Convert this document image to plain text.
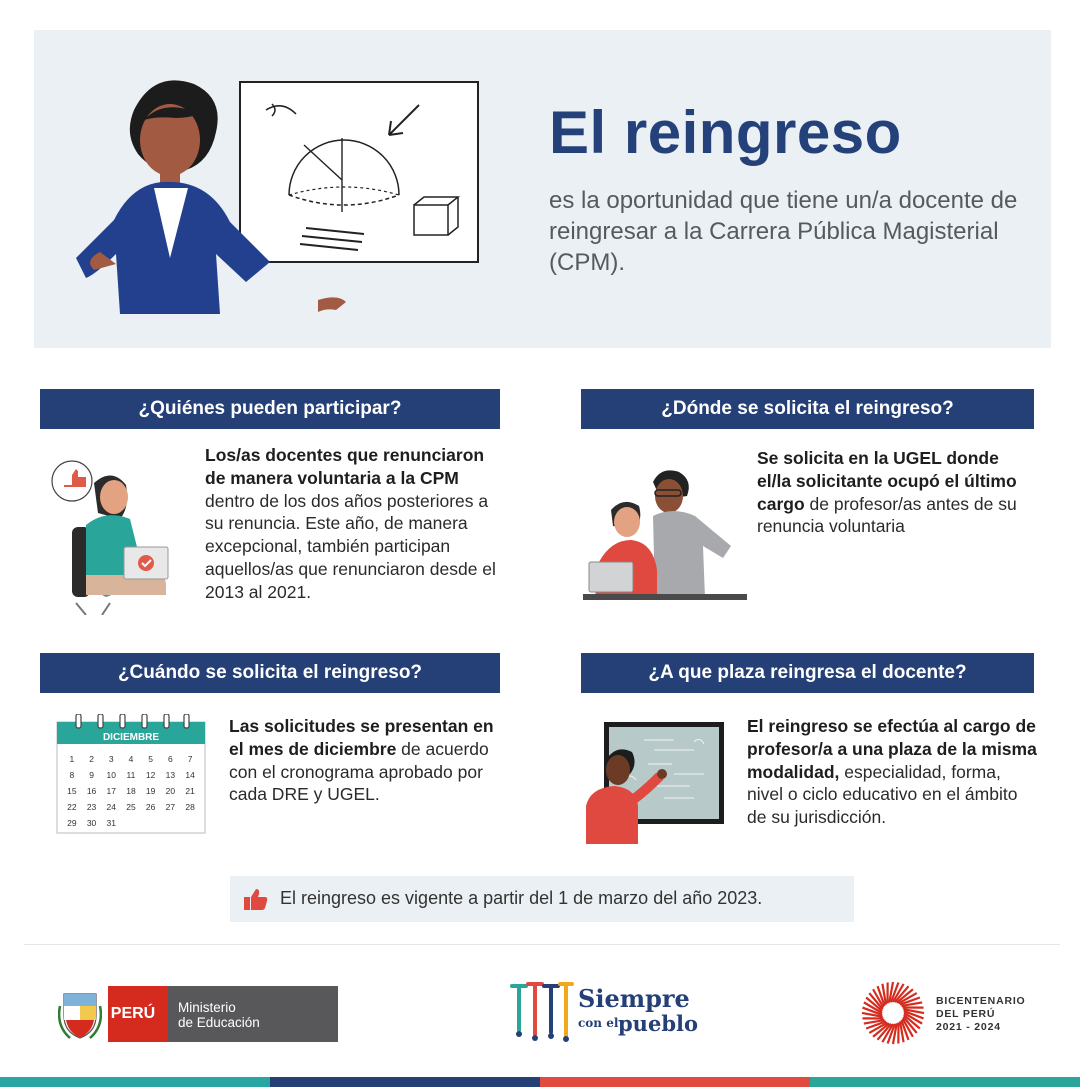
El reingreso

es la oportunidad que tiene un/a docente de reingresar a la Carrera Pública Magisterial (CPM).

¿Quiénes pueden participar?

Los/as docentes que renunciaron de manera voluntaria a la CPM dentro de los dos años posteriores a su renuncia. Este año, de manera excepcional, también participan aquellos/as que renunciaron desde el 2013 al 2021.

¿Dónde se solicita el reingreso?

Se solicita en la UGEL donde el/la solicitante ocupó el último cargo de profesor/as antes de su renuncia voluntaria

¿Cuándo se solicita el reingreso?
DICIEMBRE
1	2	3	4	5	6	7
8	9	10	11	12	13	14
15	16	17	18	19	20	21
22	23	24	25	26	27	28
29	30	31				

Las solicitudes se presentan en el mes de diciembre de acuerdo con el cronograma aprobado por cada DRE y UGEL.

¿A que plaza reingresa el docente?

El reingreso se efectúa al cargo de profesor/a a una plaza de la misma modalidad, especialidad, forma, nivel o ciclo educativo en el ámbito de su jurisdicción.

El reingreso es vigente a partir del 1 de marzo del año 2023.
PERÚ Ministerio
de Educación
Siempre
con el pueblo
BICENTENARIO
DEL PERÚ
2021 - 2024
